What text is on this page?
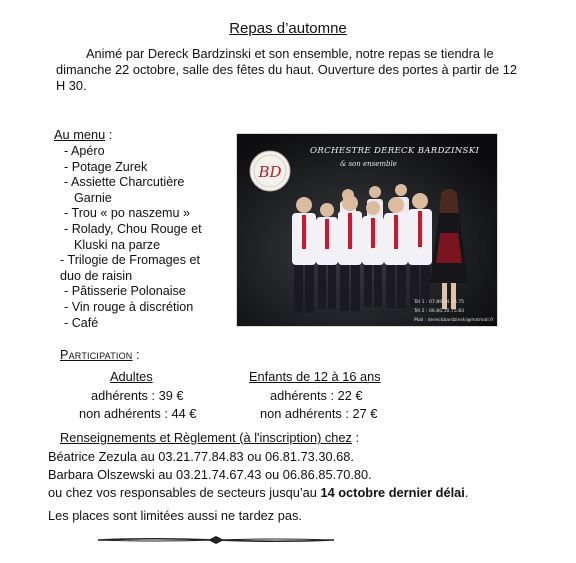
Repas d’automne
Animé par Dereck Bardzinski et son ensemble, notre repas se tiendra le dimanche 22 octobre, salle des fêtes du haut. Ouverture des portes à partir de 12 H 30.
Au menu :
- Apéro
- Potage Zurek
- Assiette Charcutière
Garnie
- Trou « po naszemu »
- Rolady, Chou Rouge et
Kluski na parze
- Trilogie de Fromages et
duo de raisin
- Pâtisserie Polonaise
- Vin rouge à discrétion
- Café
BD
ORCHESTRE DERECK BARDZINSKI
& son ensemble
Tél 1 : 07.89.44.16.75
Tél 2 : 06.80.10.75.83
Mail : dereckbardzinski@hotmail.fr
Participation :
Adultes	Enfants de 12 à 16 ans
adhérents : 39 €
non adhérents : 44 €
adhérents : 22 €
non adhérents : 27 €
Renseignements et Règlement (à l'inscription) chez :
Béatrice Zezula au 03.21.77.84.83 ou 06.81.73.30.68.
Barbara Olszewski au 03.21.74.67.43 ou 06.86.85.70.80.
ou chez vos responsables de secteurs jusqu’au 14 octobre dernier délai.
Les places sont limitées aussi ne tardez pas.
